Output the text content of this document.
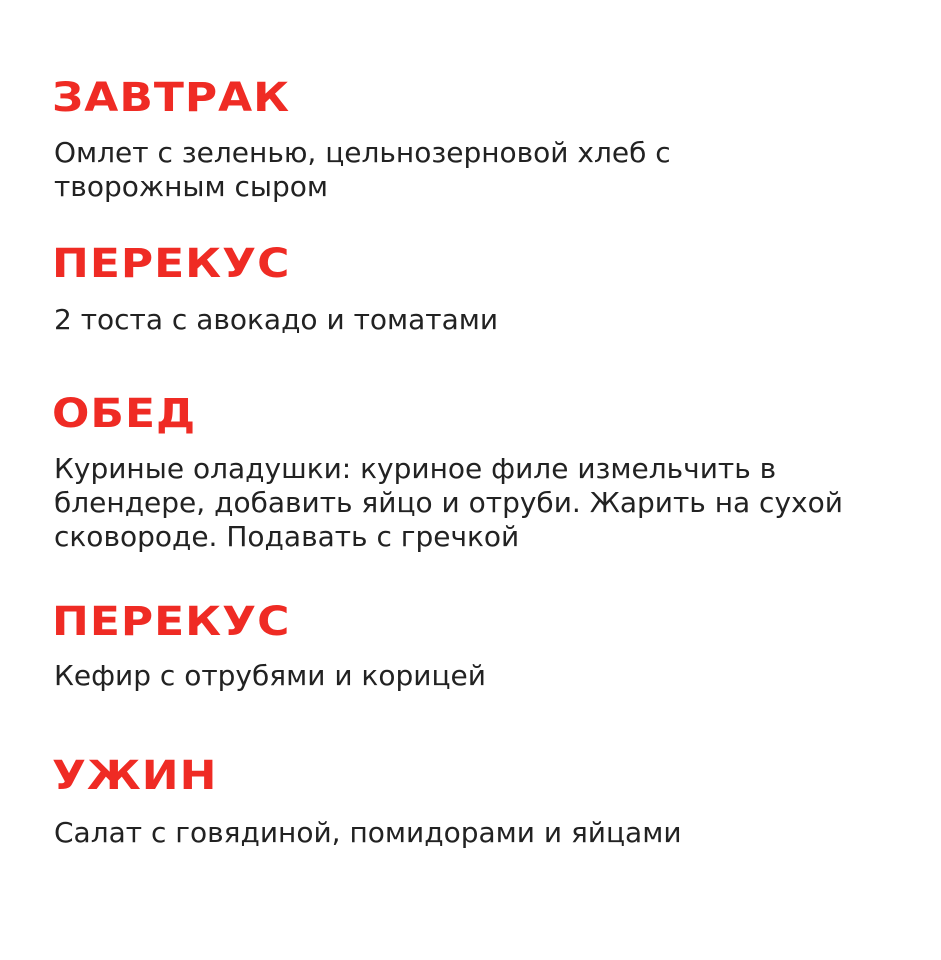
ЗАВТРАК

Омлет с зеленью, цельнозерновой хлеб с творожным сыром

ПЕРЕКУС

2 тоста с авокадо и томатами

ОБЕД

Куриные оладушки: куриное филе измельчить в блендере, добавить яйцо и отруби. Жарить на сухой сковороде. Подавать с гречкой

ПЕРЕКУС

Кефир с отрубями и корицей

УЖИН

Салат с говядиной, помидорами и яйцами
